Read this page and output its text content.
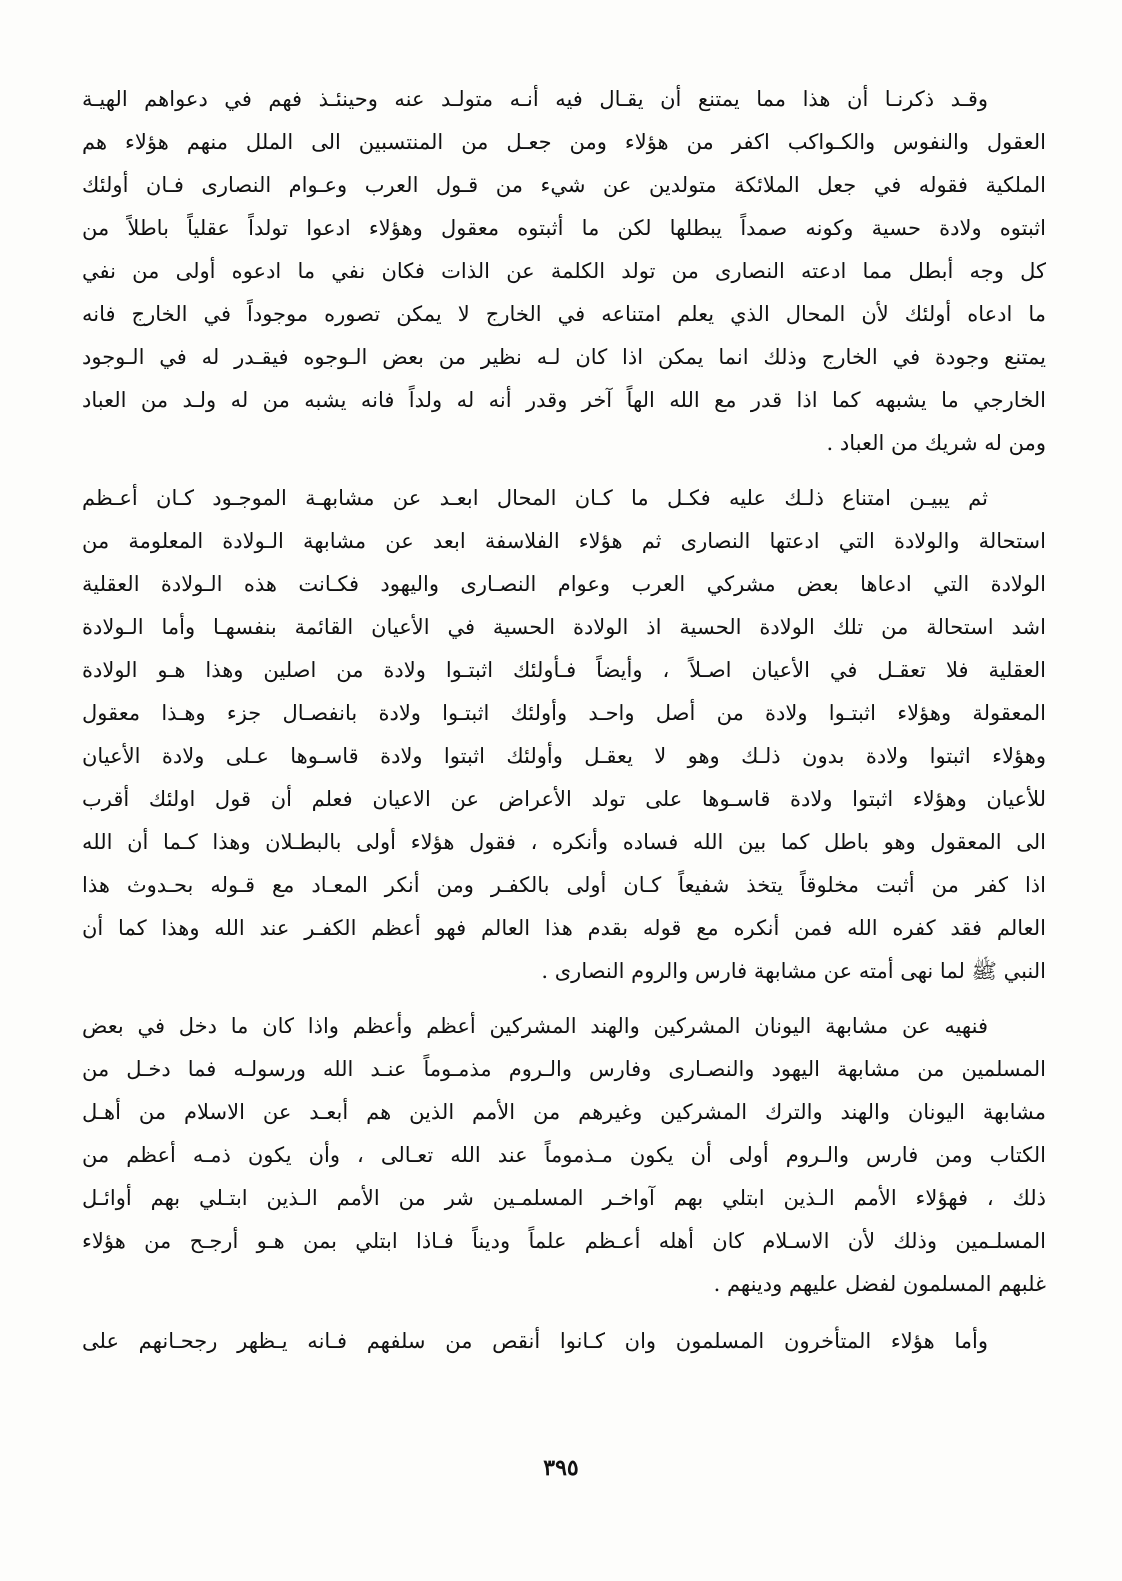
وقـد ذكرنـا أن هذا مما يمتنع أن يقـال فيه أنـه متولـد عنه وحينئـذ فهم في دعواهم الهيـة
العقول والنفوس والكـواكب اكفر من هؤلاء ومن جعـل من المنتسبين الى الملل منهم هؤلاء هم
الملكية فقوله في جعل الملائكة متولدين عن شيء من قـول العرب وعـوام النصارى فـان أولئك
اثبتوه ولادة حسية وكونه صمداً يبطلها لكن ما أثبتوه معقول وهؤلاء ادعوا تولداً عقلياً باطلاً من
كل وجه أبطل مما ادعته النصارى من تولد الكلمة عن الذات فكان نفي ما ادعوه أولى من نفي
ما ادعاه أولئك لأن المحال الذي يعلم امتناعه في الخارج لا يمكن تصوره موجوداً في الخارج فانه
يمتنع وجودة في الخارج وذلك انما يمكن اذا كان لـه نظير من بعض الـوجوه فيقـدر له في الـوجود
الخارجي ما يشبهه كما اذا قدر مع الله الهاً آخر وقدر أنه له ولداً فانه يشبه من له ولـد من العباد
ومن له شريك من العباد .

ثم يبيـن امتناع ذلـك عليه فكـل ما كـان المحال ابعـد عن مشابهـة الموجـود كـان أعـظم
استحالة والولادة التي ادعتها النصارى ثم هؤلاء الفلاسفة ابعد عن مشابهة الـولادة المعلومة من
الولادة التي ادعاها بعض مشركي العرب وعوام النصـارى واليهود فكـانت هذه الـولادة العقلية
اشد استحالة من تلك الولادة الحسية اذ الولادة الحسية في الأعيان القائمة بنفسهـا وأما الـولادة
العقلية فلا تعقـل في الأعيان اصـلاً ، وأيضاً فـأولئك اثبتـوا ولادة من اصلين وهذا هـو الولادة
المعقولة وهؤلاء اثبتـوا ولادة من أصل واحـد وأولئك اثبتـوا ولادة بانفصـال جزء وهـذا معقول
وهؤلاء اثبتوا ولادة بدون ذلـك وهو لا يعقـل وأولئك اثبتوا ولادة قاسـوها عـلى ولادة الأعيان
للأعيان وهؤلاء اثبتوا ولادة قاسـوها على تولد الأعراض عن الاعيان فعلم أن قول اولئك أقرب
الى المعقول وهو باطل كما بين الله فساده وأنكره ، فقول هؤلاء أولى بالبطـلان وهذا كـما أن الله
اذا كفر من أثبت مخلوقاً يتخذ شفيعاً كـان أولى بالكفـر ومن أنكر المعـاد مع قـوله بحـدوث هذا
العالم فقد كفره الله فمن أنكره مع قوله بقدم هذا العالم فهو أعظم الكفـر عند الله وهذا كما أن
النبي ﷺ لما نهى أمته عن مشابهة فارس والروم النصارى .

فنهيه عن مشابهة اليونان المشركين والهند المشركين أعظم وأعظم واذا كان ما دخل في بعض
المسلمين من مشابهة اليهود والنصـارى وفارس والـروم مذمـوماً عنـد الله ورسولـه فما دخـل من
مشابهة اليونان والهند والترك المشركين وغيرهم من الأمم الذين هم أبعـد عن الاسلام من أهـل
الكتاب ومن فارس والـروم أولى أن يكون مـذموماً عند الله تعـالى ، وأن يكون ذمـه أعظم من
ذلك ، فهؤلاء الأمم الـذين ابتلي بهم آواخـر المسلمـين شر من الأمم الـذين ابتـلي بهم أوائـل
المسلـمين وذلك لأن الاسـلام كان أهله أعـظم علماً وديناً فـاذا ابتلي بمن هـو أرجـح من هؤلاء
غلبهم المسلمون لفضل عليهم ودينهم .

وأما هؤلاء المتأخرون المسلمون وان كـانوا أنقص من سلفهم فـانه يـظهر رجحـانهم على

٣٩٥
